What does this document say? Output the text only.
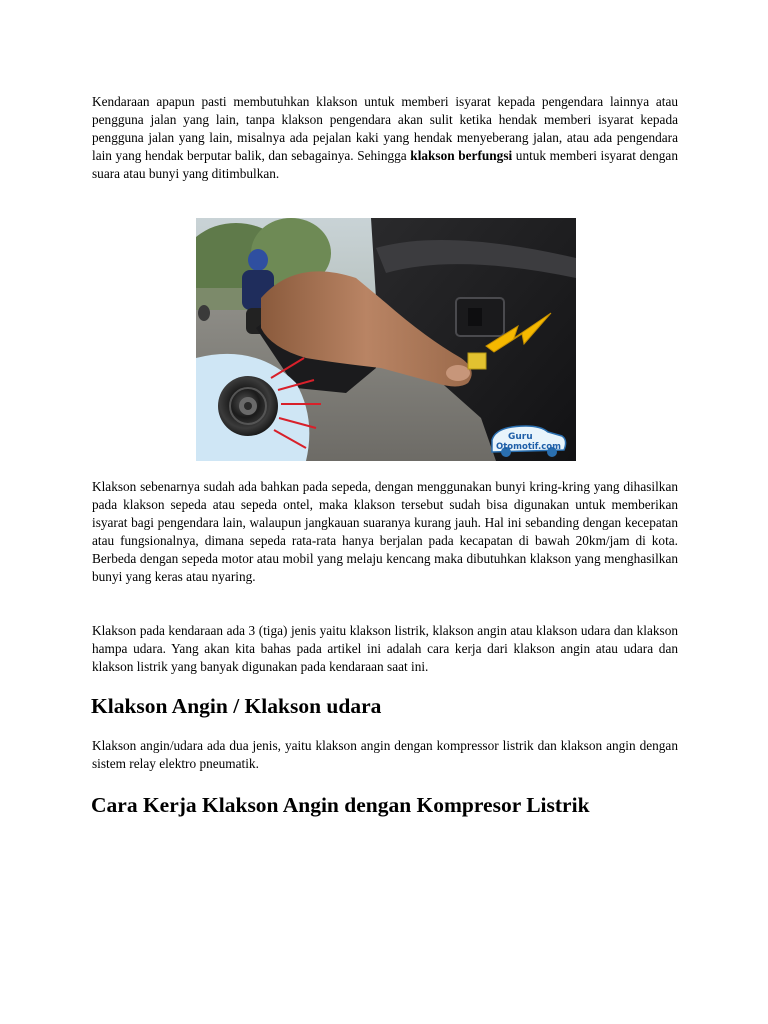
Kendaraan apapun pasti membutuhkan klakson untuk memberi isyarat kepada pengendara lainnya atau pengguna jalan yang lain, tanpa klakson pengendara akan sulit ketika hendak memberi isyarat kepada pengguna jalan yang lain, misalnya ada pejalan kaki yang hendak menyeberang jalan, atau ada pengendara lain yang hendak berputar balik, dan sebagainya. Sehingga klakson berfungsi untuk memberi isyarat dengan suara atau bunyi yang ditimbulkan.

Guru
Otomotif.com

Klakson sebenarnya sudah ada bahkan pada sepeda, dengan menggunakan bunyi kring-kring yang dihasilkan pada klakson sepeda atau sepeda ontel, maka klakson tersebut sudah bisa digunakan untuk memberikan isyarat bagi pengendara lain, walaupun jangkauan suaranya kurang jauh. Hal ini sebanding dengan kecepatan atau fungsionalnya, dimana sepeda rata-rata hanya berjalan pada kecapatan di bawah 20km/jam di kota. Berbeda dengan sepeda motor atau mobil yang melaju kencang maka dibutuhkan klakson yang menghasilkan bunyi yang keras atau nyaring.

Klakson pada kendaraan ada 3 (tiga) jenis yaitu klakson listrik, klakson angin atau klakson udara dan klakson hampa udara. Yang akan kita bahas pada artikel ini adalah cara kerja dari klakson angin atau udara dan klakson listrik yang banyak digunakan pada kendaraan saat ini.

Klakson Angin / Klakson udara

Klakson angin/udara ada dua jenis, yaitu klakson angin dengan kompressor listrik dan klakson angin dengan sistem relay elektro pneumatik.

Cara Kerja Klakson Angin dengan Kompresor Listrik
